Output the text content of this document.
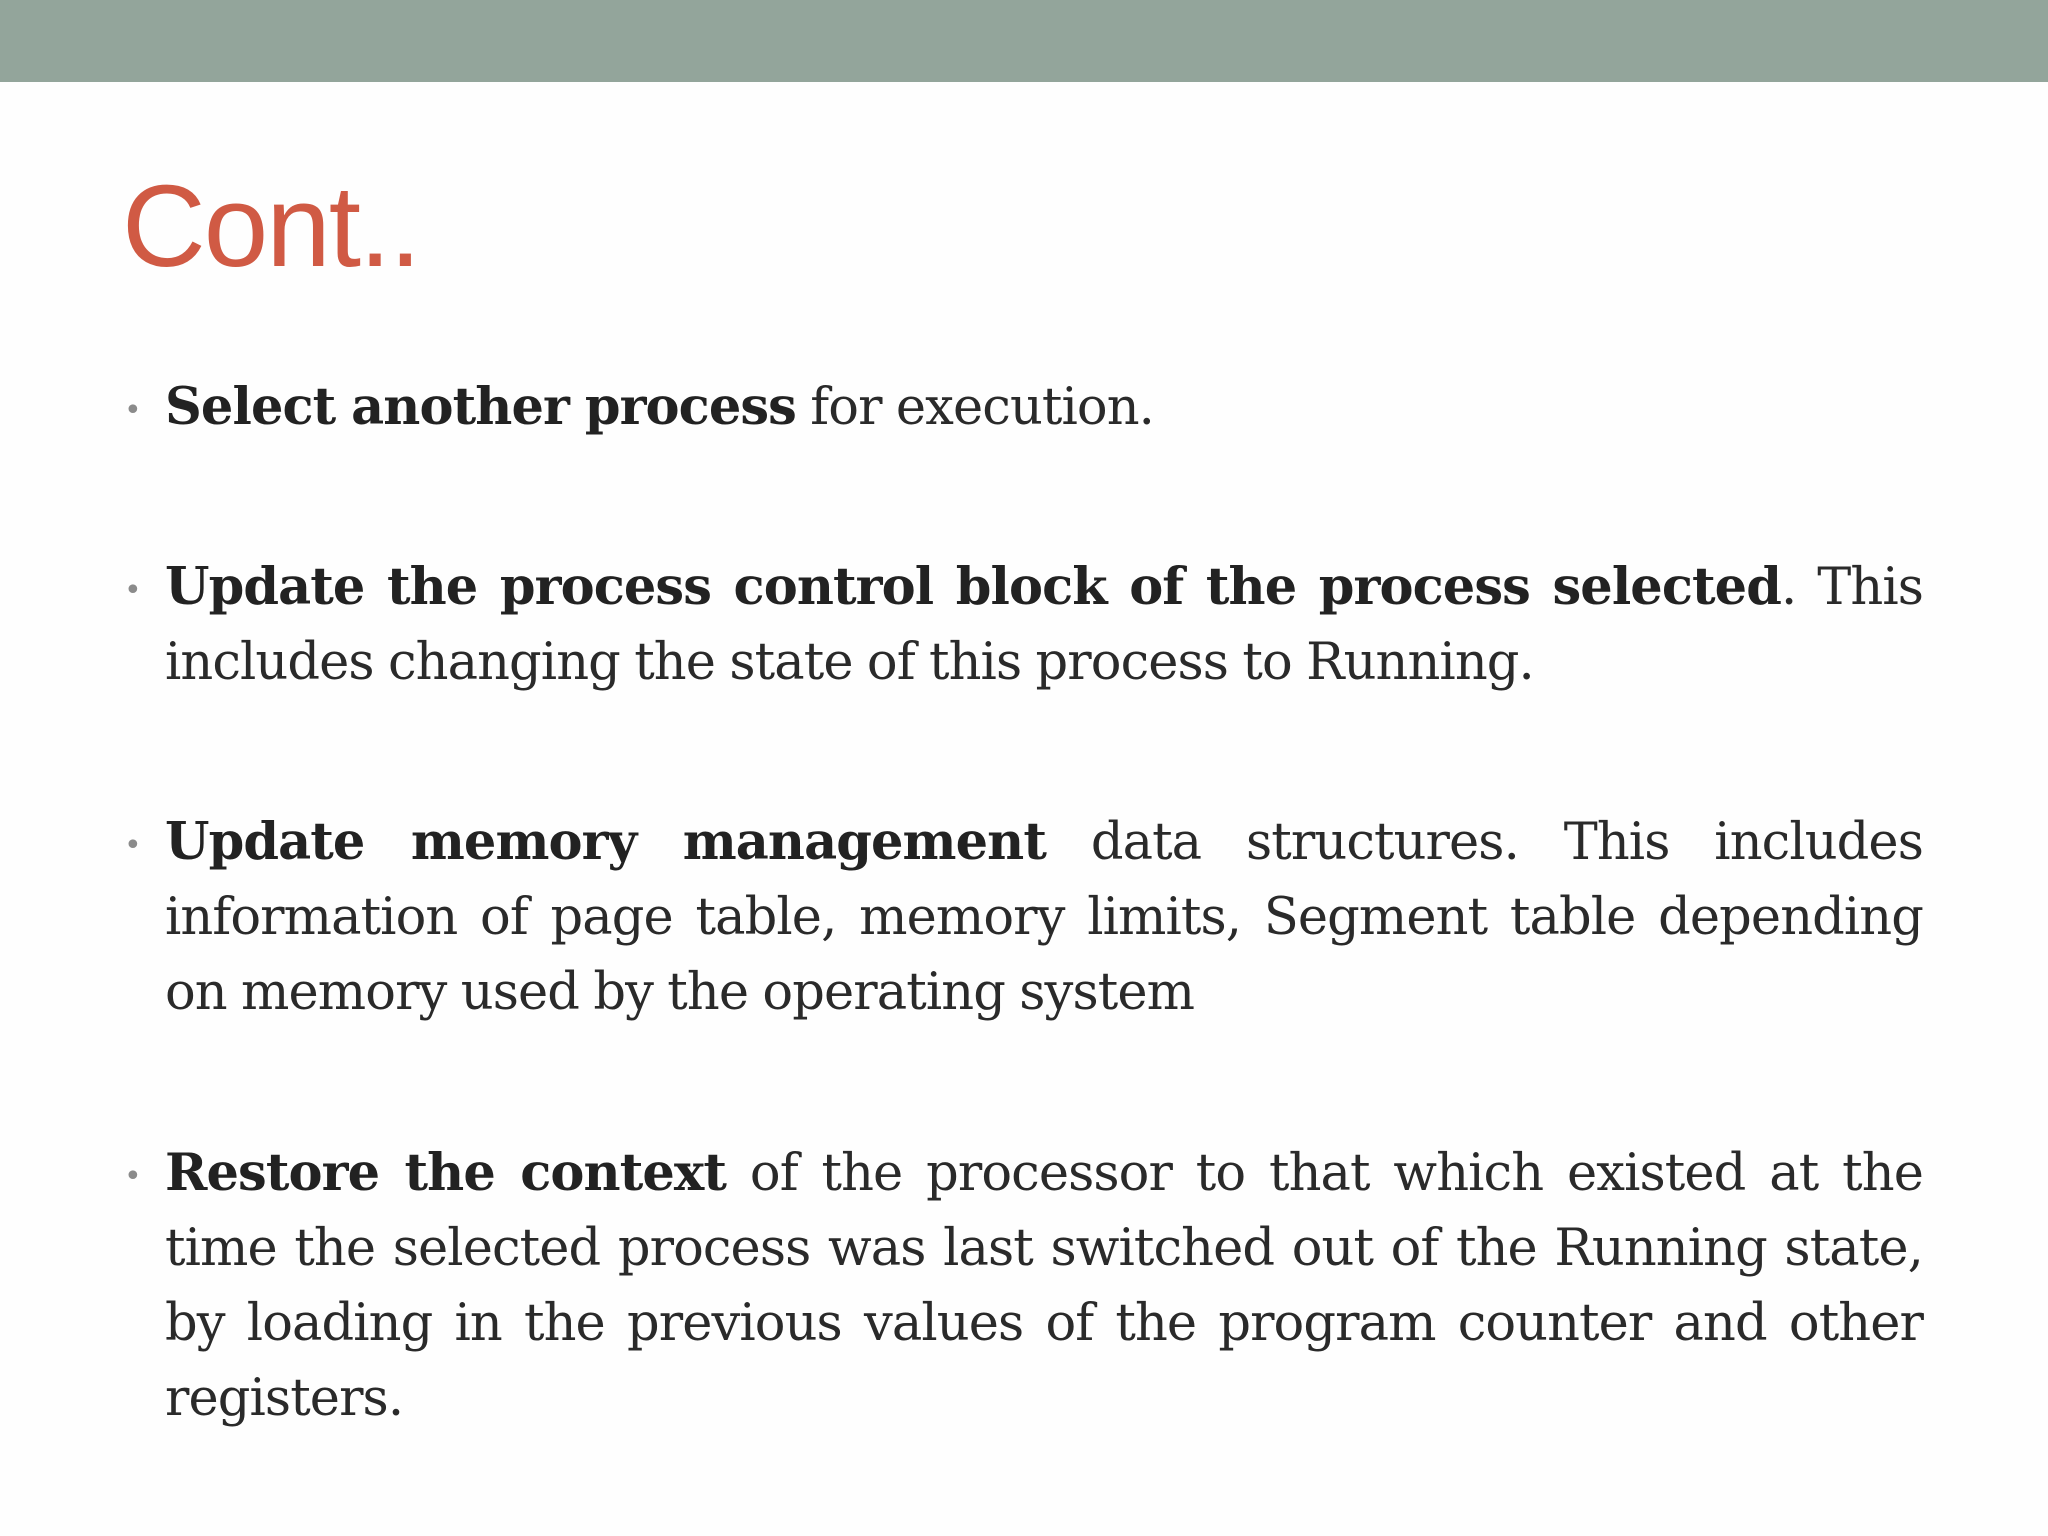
Cont..
• Select another process for execution.

• Update the process control block of the process selected. This includes changing the state of this process to Running.

• Update memory management data structures. This includes information of page table, memory limits, Segment table depending on memory used by the operating system

• Restore the context of the processor to that which existed at the time the selected process was last switched out of the Running state, by loading in the previous values of the program counter and other registers.
